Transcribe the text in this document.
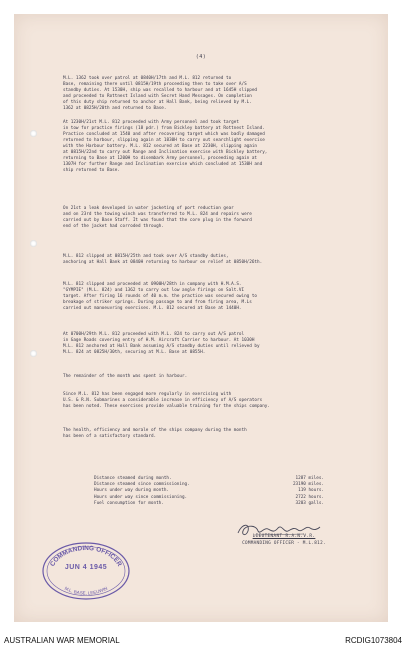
(4)

M.L. 1362 took over patrol at 0840H/17th and M.L. 812 returned to
Base, remaining there until 0815H/19th proceeding then to take over A/S
standby duties. At 1530H, ship was recalled to harbour and at 1645H slipped
and proceeded to Rottnest Island with Secret Hand Messages. On completion
of this duty ship returned to anchor at Hall Bank, being relieved by M.L.
1362 at 0825H/20th and returned to Base.

At 1230H/21st M.L. 812 proceeded with Army personnel and took target
in tow for practice firings (18 pdr.) from Bickley battery at Rottnest Island.
Practice concluded at 1540 and after recovering target which was badly damaged
returned to harbour, slipping again at 1830H to carry out searchlight exercise
with the Harbour battery. M.L. 812 secured at Base at 2230H, slipping again
at 0815H/22nd to carry out Range and Inclination exercise with Bickley battery,
returning to Base at 1200H to disembark Army personnel, proceeding again at
1307H for further Range and Inclination exercise which concluded at 1530H and
ship returned to Base.

On 21st a leak developed in water jacketing of port reduction gear
and on 23rd the towing winch was transferred to M.L. 824 and repairs were
carried out by Base Staff. It was found that the core plug in the forward
end of the jacket had corroded through.

M.L. 812 slipped at 0815H/25th and took over A/S standby duties,
anchoring at Hall Bank at 0840H returning to harbour on relief at 0850H/26th.

M.L. 812 slipped and proceeded at 0900H/28th in company with H.M.A.S.
"GYMPIE" (M.L. 824) and 1362 to carry out low angle firings on Salt.VI
target. After firing 16 rounds of 40 m.m. the practice was secured owing to
breakage of striker springs. During passage to and from firing area, M.Ls
carried out manoeuvring exercises. M.L. 812 secured at Base at 1440H.

At 0700H/29th M.L. 812 proceeded with M.L. 824 to carry out A/S patrol
in Gage Roads covering entry of H.M. Aircraft Carrier to harbour. At 1030H
M.L. 812 anchored at Hall Bank assuming A/S standby duties until relieved by
M.L. 824 at 0825H/30th, securing at M.L. Base at 0855H.

The remainder of the month was spent in harbour.

Since M.L. 812 has been engaged more regularly in exercising with
U.S. & R.N. Submarines a considerable increase in efficiency of A/S operators
has been noted. These exercises provide valuable training for the ships company.

The health, efficiency and morale of the ships company during the month
has been of a satisfactory standard.

Distance steamed during month.	1287 miles.
Distance steamed since commissioning.	23190 miles.
Hours under way during month.	119 hours.
Hours under way since commissioning.	2722 hours.
Fuel consumption for month.	3203 galls.
LIEUTENANT R.A.N.V.R.
COMMANDING OFFICER - M.L.812.
COMMANDING OFFICER
M.L. BASE, LEEUWIN
JUN 4 1945
AUSTRALIAN WAR MEMORIAL	RCDIG1073804
